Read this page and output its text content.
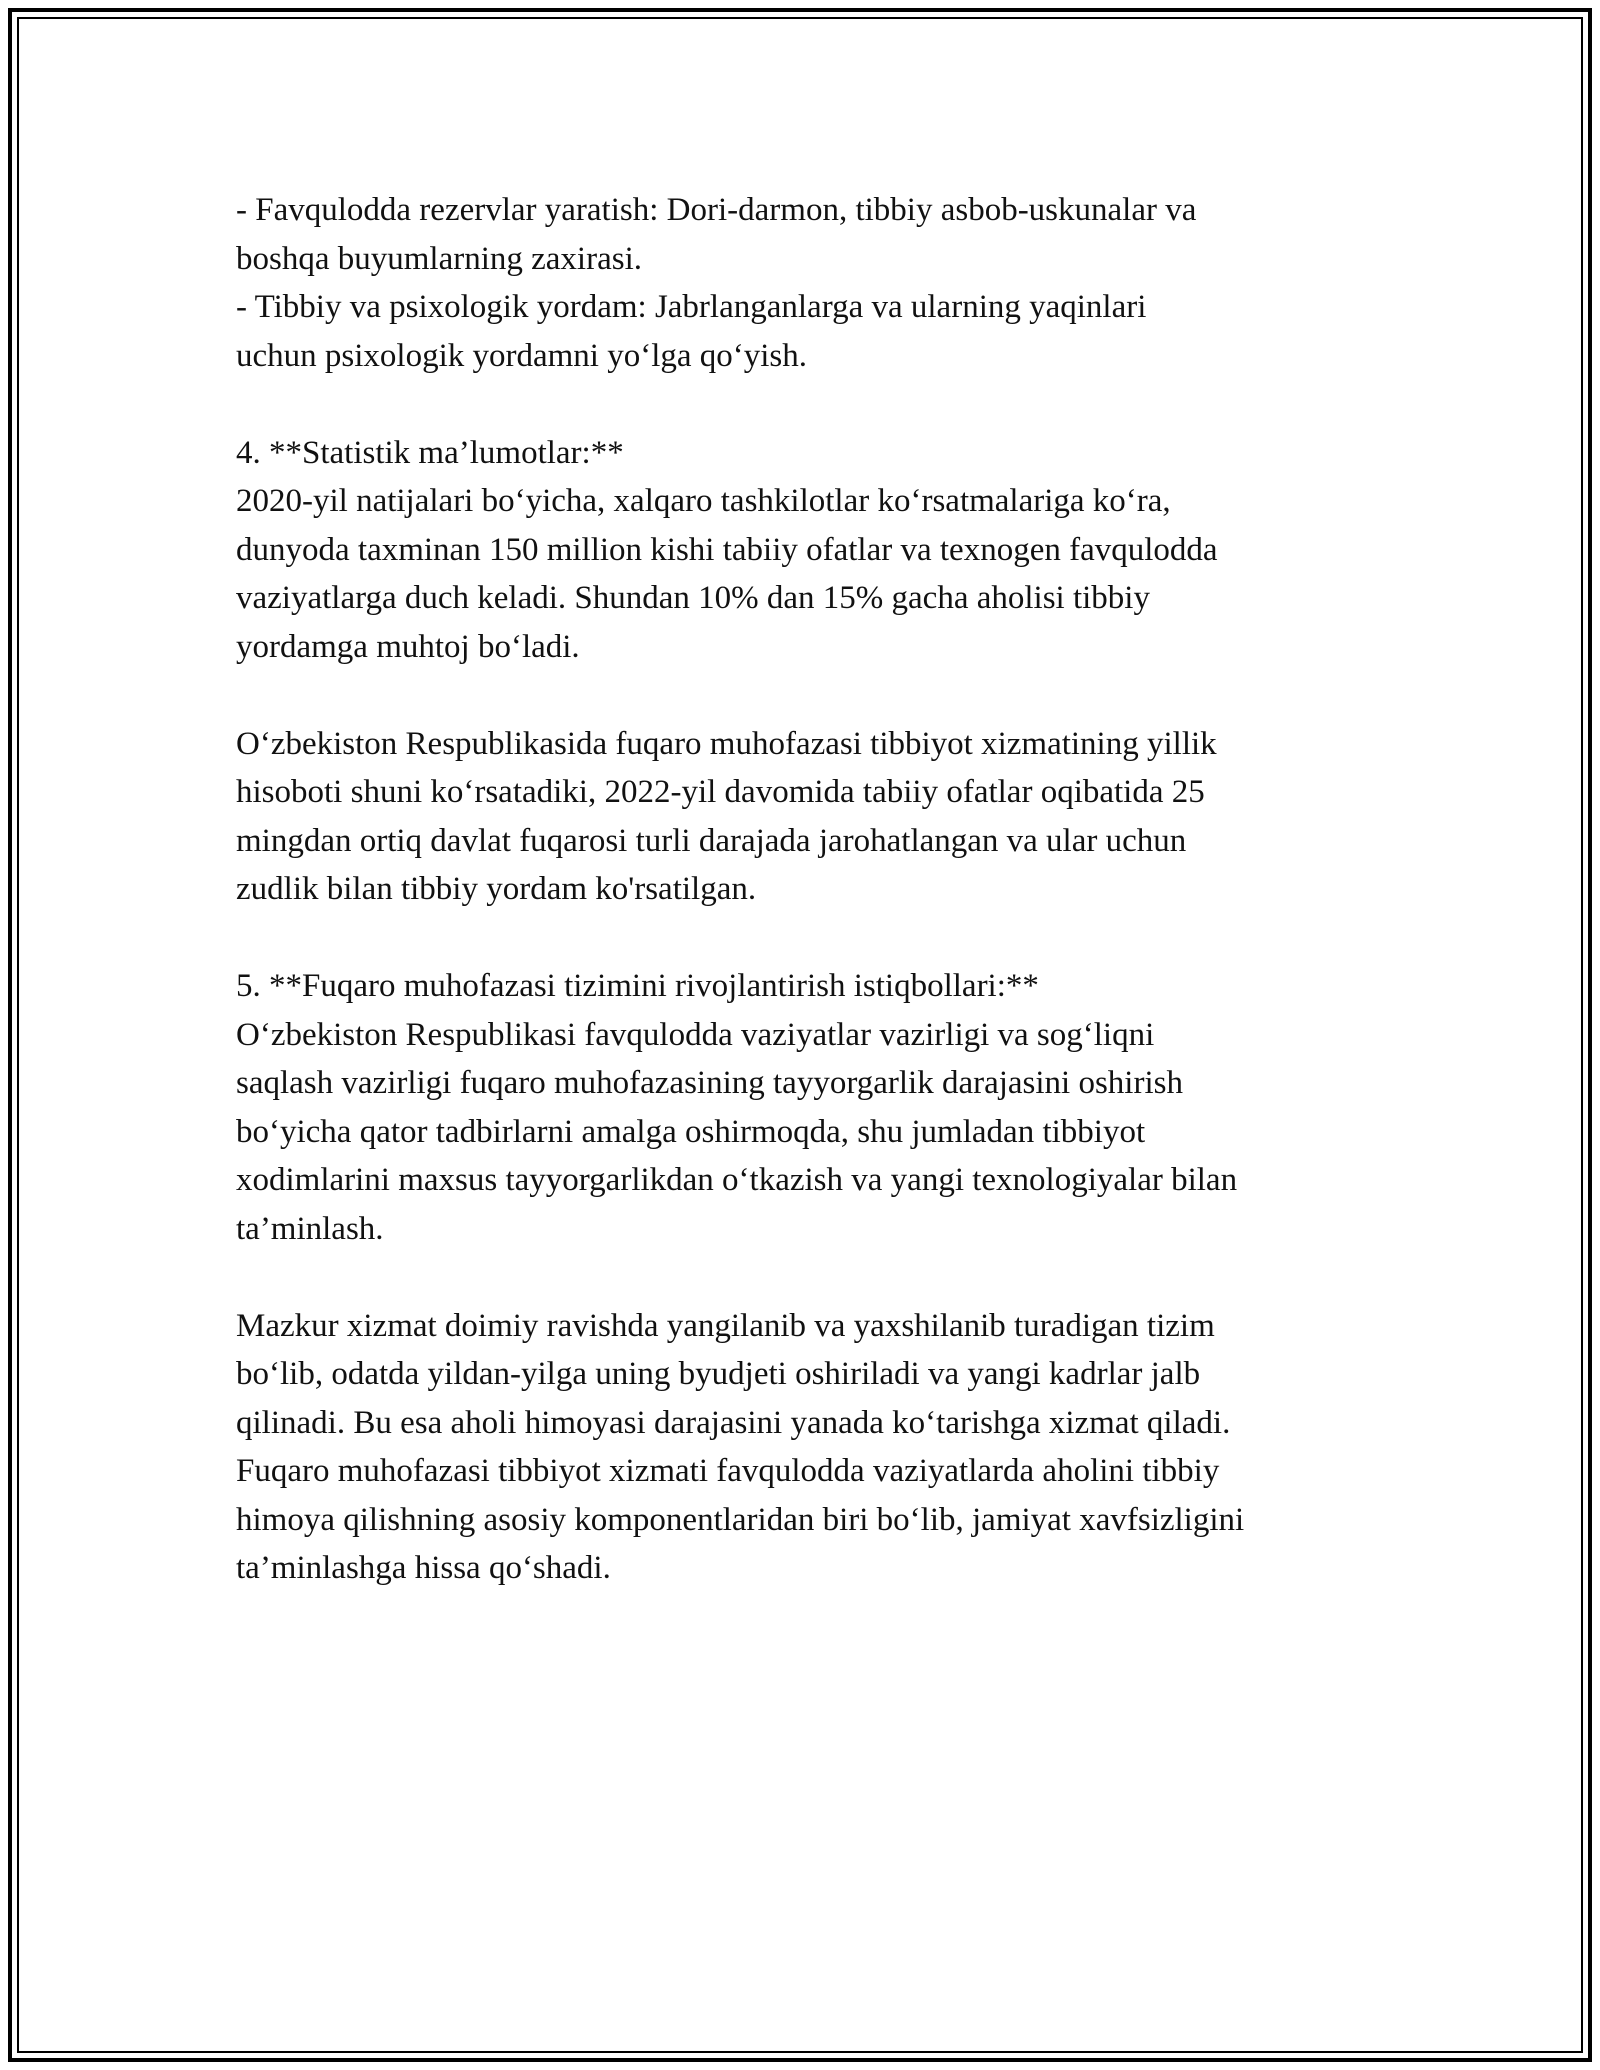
- Favqulodda rezervlar yaratish: Dori-darmon, tibbiy asbob-uskunalar va
boshqa buyumlarning zaxirasi.

- Tibbiy va psixologik yordam: Jabrlanganlarga va ularning yaqinlari
uchun psixologik yordamni yo‘lga qo‘yish.

4. **Statistik ma’lumotlar:**

2020-yil natijalari bo‘yicha, xalqaro tashkilotlar ko‘rsatmalariga ko‘ra,
dunyoda taxminan 150 million kishi tabiiy ofatlar va texnogen favqulodda
vaziyatlarga duch keladi. Shundan 10% dan 15% gacha aholisi tibbiy
yordamga muhtoj bo‘ladi.

O‘zbekiston Respublikasida fuqaro muhofazasi tibbiyot xizmatining yillik
hisoboti shuni ko‘rsatadiki, 2022-yil davomida tabiiy ofatlar oqibatida 25
mingdan ortiq davlat fuqarosi turli darajada jarohatlangan va ular uchun
zudlik bilan tibbiy yordam ko'rsatilgan.

5. **Fuqaro muhofazasi tizimini rivojlantirish istiqbollari:**

O‘zbekiston Respublikasi favqulodda vaziyatlar vazirligi va sog‘liqni
saqlash vazirligi fuqaro muhofazasining tayyorgarlik darajasini oshirish
bo‘yicha qator tadbirlarni amalga oshirmoqda, shu jumladan tibbiyot
xodimlarini maxsus tayyorgarlikdan o‘tkazish va yangi texnologiyalar bilan
ta’minlash.

Mazkur xizmat doimiy ravishda yangilanib va yaxshilanib turadigan tizim
bo‘lib, odatda yildan-yilga uning byudjeti oshiriladi va yangi kadrlar jalb
qilinadi. Bu esa aholi himoyasi darajasini yanada ko‘tarishga xizmat qiladi.
Fuqaro muhofazasi tibbiyot xizmati favqulodda vaziyatlarda aholini tibbiy
himoya qilishning asosiy komponentlaridan biri bo‘lib, jamiyat xavfsizligini
ta’minlashga hissa qo‘shadi.
